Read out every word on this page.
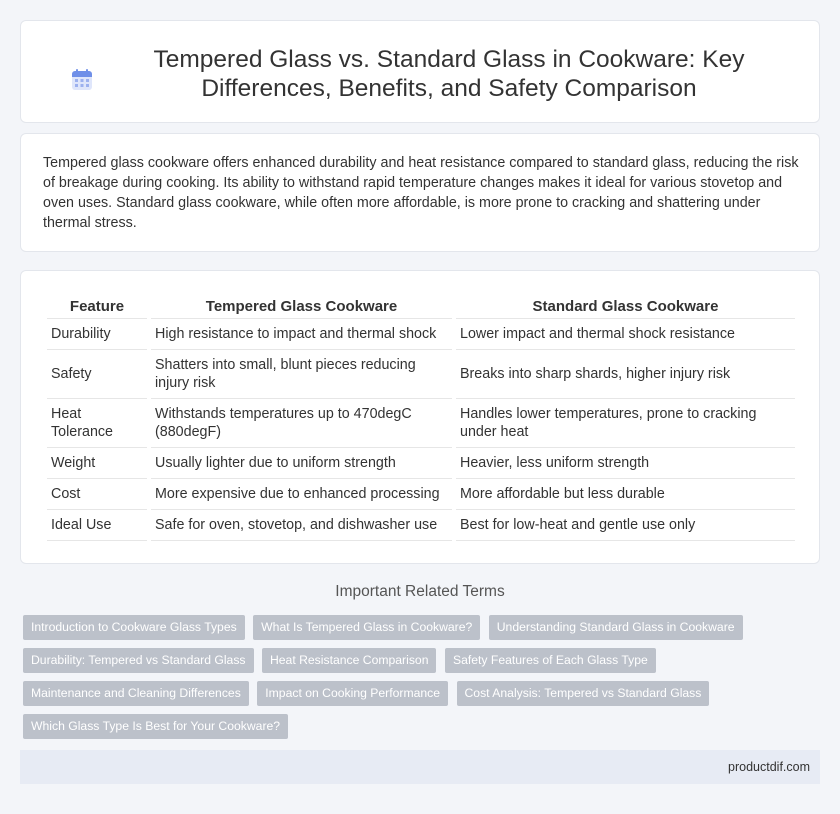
Tempered Glass vs. Standard Glass in Cookware: Key Differences, Benefits, and Safety Comparison

Tempered glass cookware offers enhanced durability and heat resistance compared to standard glass, reducing the risk of breakage during cooking. Its ability to withstand rapid temperature changes makes it ideal for various stovetop and oven uses. Standard glass cookware, while often more affordable, is more prone to cracking and shattering under thermal stress.

Feature	Tempered Glass Cookware	Standard Glass Cookware
Durability	High resistance to impact and thermal shock	Lower impact and thermal shock resistance
Safety	Shatters into small, blunt pieces reducing injury risk	Breaks into sharp shards, higher injury risk
Heat Tolerance	Withstands temperatures up to 470degC (880degF)	Handles lower temperatures, prone to cracking under heat
Weight	Usually lighter due to uniform strength	Heavier, less uniform strength
Cost	More expensive due to enhanced processing	More affordable but less durable
Ideal Use	Safe for oven, stovetop, and dishwasher use	Best for low-heat and gentle use only
Important Related Terms
Introduction to Cookware Glass Types What Is Tempered Glass in Cookware? Understanding Standard Glass in Cookware Durability: Tempered vs Standard Glass Heat Resistance Comparison Safety Features of Each Glass Type Maintenance and Cleaning Differences Impact on Cooking Performance Cost Analysis: Tempered vs Standard Glass Which Glass Type Is Best for Your Cookware?
productdif.com
